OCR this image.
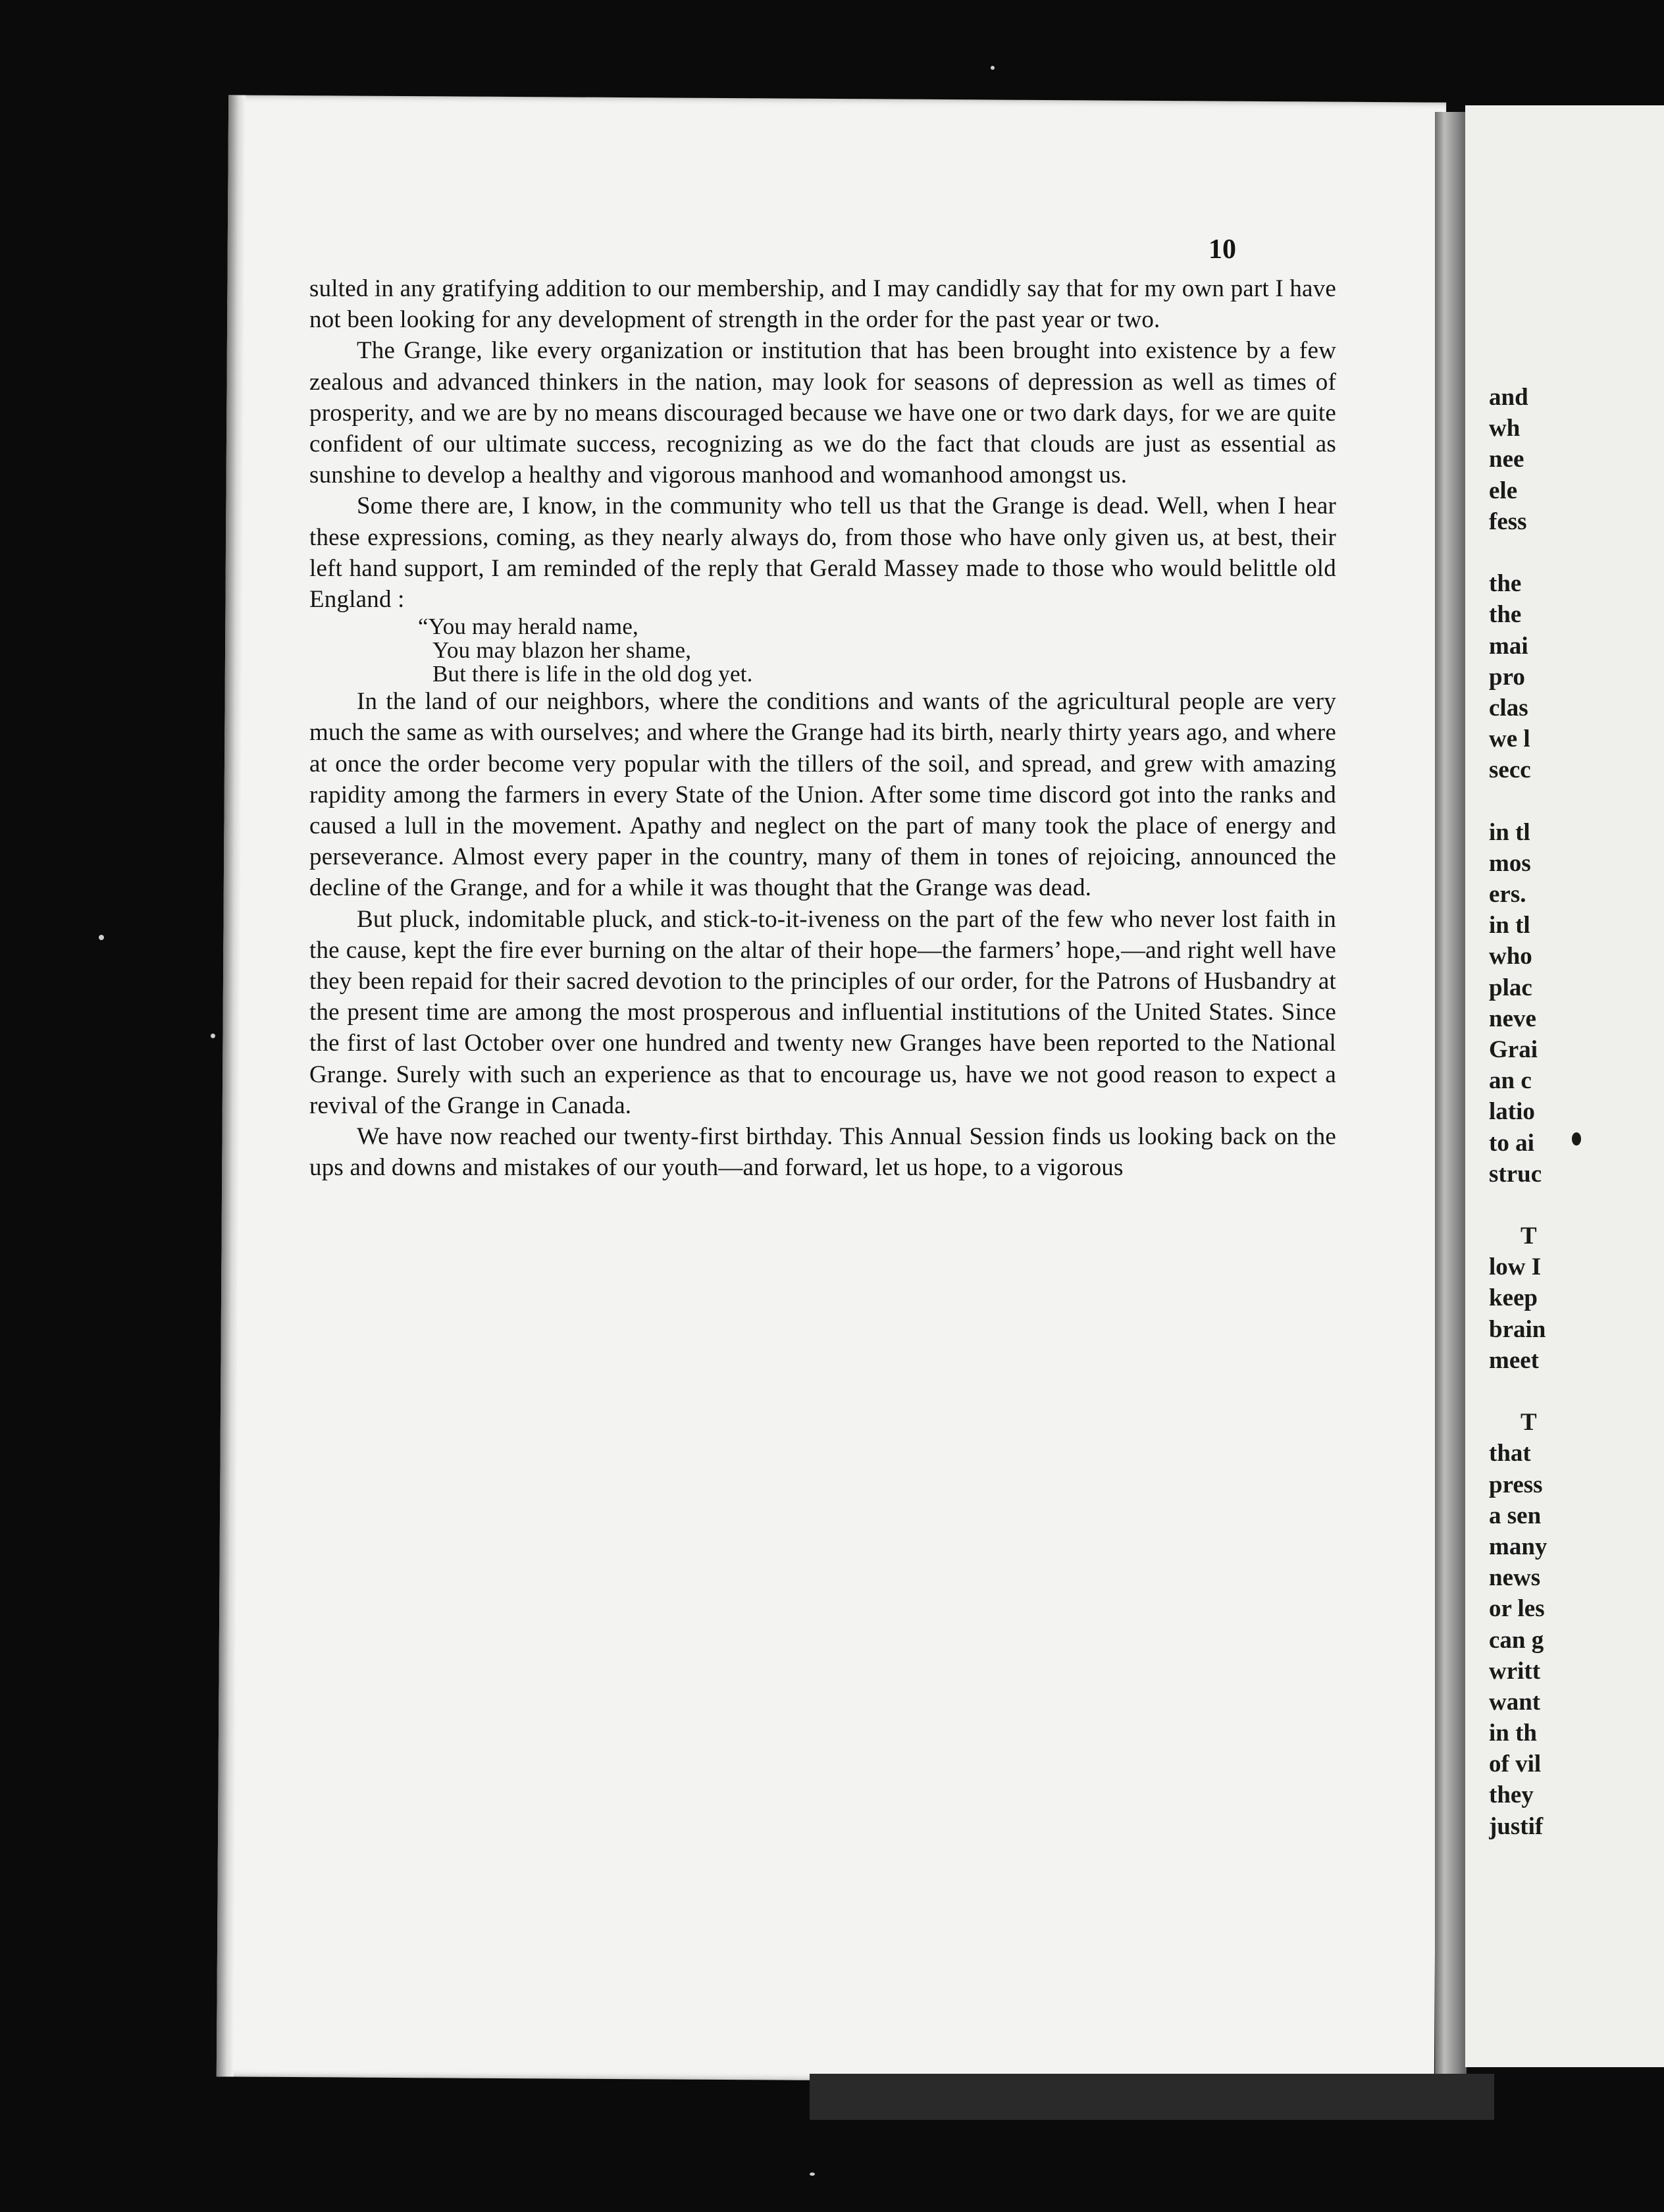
10

sulted in any gratifying addition to our membership, and I may candidly say that for my own part I have not been looking for any development of strength in the order for the past year or two.

The Grange, like every organization or institution that has been brought into existence by a few zealous and advanced thinkers in the nation, may look for seasons of depression as well as times of prosperity, and we are by no means discouraged because we have one or two dark days, for we are quite confident of our ultimate success, recognizing as we do the fact that clouds are just as essential as sunshine to develop a healthy and vigorous manhood and womanhood amongst us.

Some there are, I know, in the community who tell us that the Grange is dead. Well, when I hear these expressions, coming, as they nearly always do, from those who have only given us, at best, their left hand support, I am reminded of the reply that Gerald Massey made to those who would belittle old England :

“You may herald name,
You may blazon her shame,
But there is life in the old dog yet.

In the land of our neighbors, where the conditions and wants of the agricultural people are very much the same as with ourselves; and where the Grange had its birth, nearly thirty years ago, and where at once the order become very popular with the tillers of the soil, and spread, and grew with amazing rapidity among the farmers in every State of the Union. After some time discord got into the ranks and caused a lull in the movement. Apathy and neglect on the part of many took the place of energy and perseverance. Almost every paper in the country, many of them in tones of rejoicing, announced the decline of the Grange, and for a while it was thought that the Grange was dead.

But pluck, indomitable pluck, and stick-to-it-iveness on the part of the few who never lost faith in the cause, kept the fire ever burning on the altar of their hope—the farmers’ hope,—and right well have they been repaid for their sacred devotion to the principles of our order, for the Patrons of Husbandry at the present time are among the most prosperous and influential institutions of the United States. Since the first of last October over one hundred and twenty new Granges have been reported to the National Grange. Surely with such an experience as that to encourage us, have we not good reason to expect a revival of the Grange in Canada.

We have now reached our twenty-first birthday. This Annual Session finds us looking back on the ups and downs and mistakes of our youth—and forward, let us hope, to a vigorous

and
wh
nee
ele
fess
the
the
mai
pro
clas
we l
secc
in tl
mos
ers.
in tl
who
plac
neve
Grai
an c
latio
to ai
struc
T
low I
keep
brain
meet
T
that
press
a sen
many
news
or les
can g
writt
want
in th
of vil
they
justif
